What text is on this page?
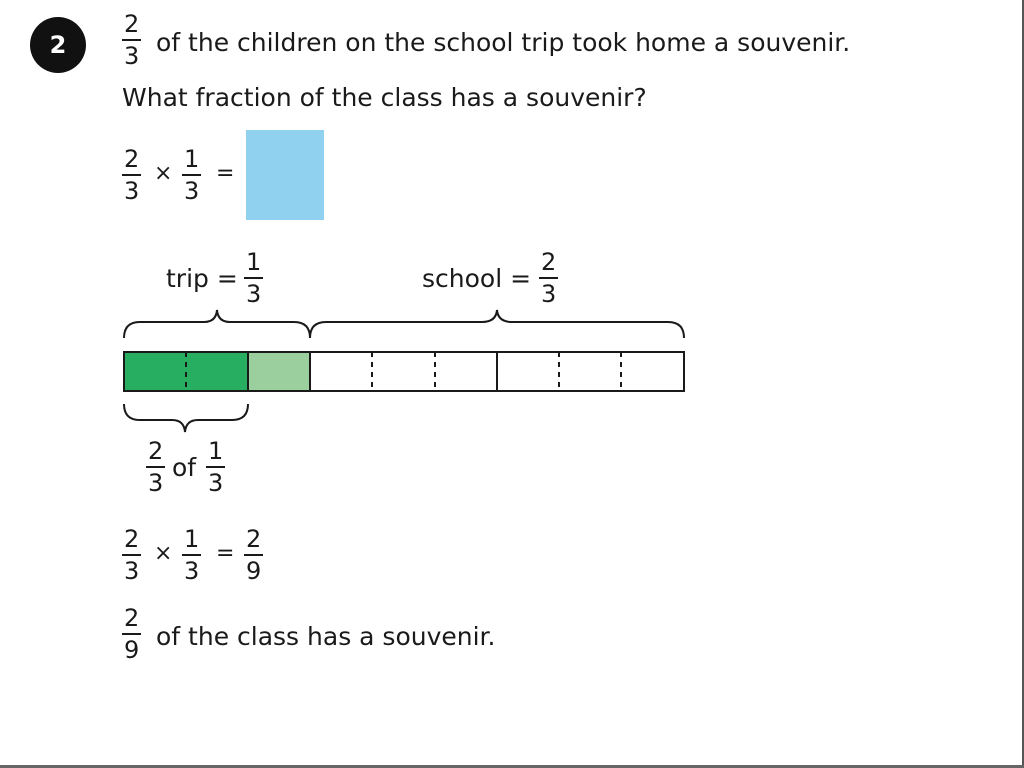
2
2
3 of the children on the school trip took home a souvenir.
What fraction of the class has a souvenir?
2
3
×
1
3
=
trip =
1
3
school =
2
3
2
3
of
1
3
2
3
×
1
3
=
2
9
2
9 of the class has a souvenir.
